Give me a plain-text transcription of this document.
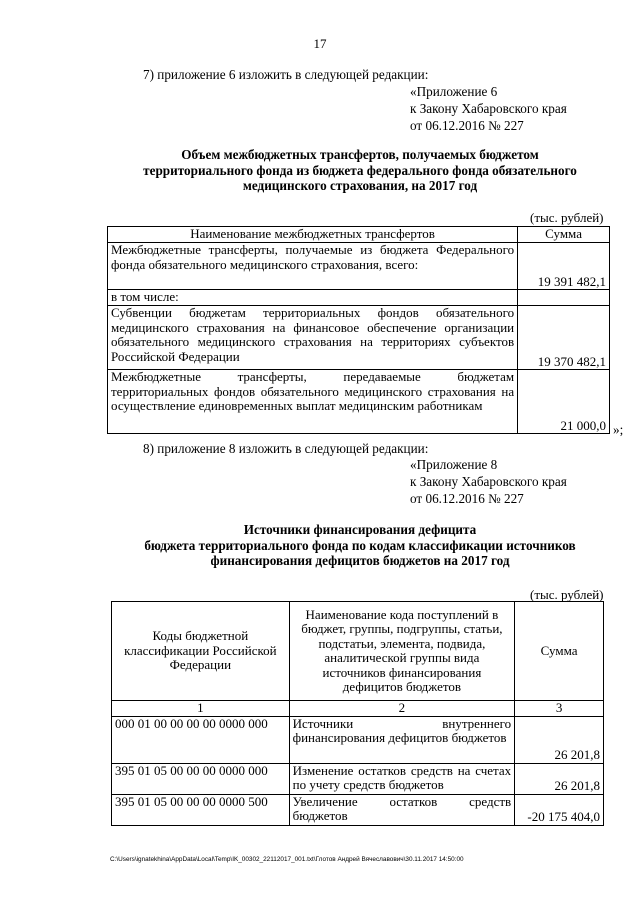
17
7) приложение 6 изложить в следующей редакции:
«Приложение 6
к Закону Хабаровского края
от 06.12.2016 № 227
Объем межбюджетных трансфертов, получаемых бюджетом
территориального фонда из бюджета федерального фонда обязательного
медицинского страхования, на 2017 год
(тыс. рублей)
Наименование межбюджетных трансфертов	Сумма
Межбюджетные трансферты, получаемые из бюджета Федерального фонда обязательного медицинского страхования, всего:	19 391 482,1
в том числе:	
Субвенции бюджетам территориальных фондов обязательного медицинского страхования на финансовое обеспечение организации обязательного медицинского страхования на территориях субъектов Российской Федерации	19 370 482,1
Межбюджетные трансферты, передаваемые бюджетам территориальных фондов обязательного медицинского страхования на осуществление единовременных выплат медицинским работникам	21 000,0 »;
8) приложение 8 изложить в следующей редакции:
«Приложение 8
к Закону Хабаровского края
от 06.12.2016 № 227
Источники финансирования дефицита
бюджета территориального фонда по кодам классификации источников
финансирования дефицитов бюджетов на 2017 год
(тыс. рублей)
Коды бюджетной классификации Российской Федерации	Наименование кода поступлений в бюджет, группы, подгруппы, статьи, подстатьи, элемента, подвида, аналитической группы вида источников финансирования дефицитов бюджетов	Сумма
1	2	3
000 01 00 00 00 00 0000 000	Источники внутреннего финансирования дефицитов бюджетов	26 201,8
395 01 05 00 00 00 0000 000	Изменение остатков средств на счетах по учету средств бюджетов	26 201,8
395 01 05 00 00 00 0000 500	Увеличение остатков средств бюджетов	-20 175 404,0
C:\Users\ignatekhina\AppData\Local\Temp\IK_00302_22112017_001.txt\Глотов Андрей Вячеславович\30.11.2017 14:50:00
